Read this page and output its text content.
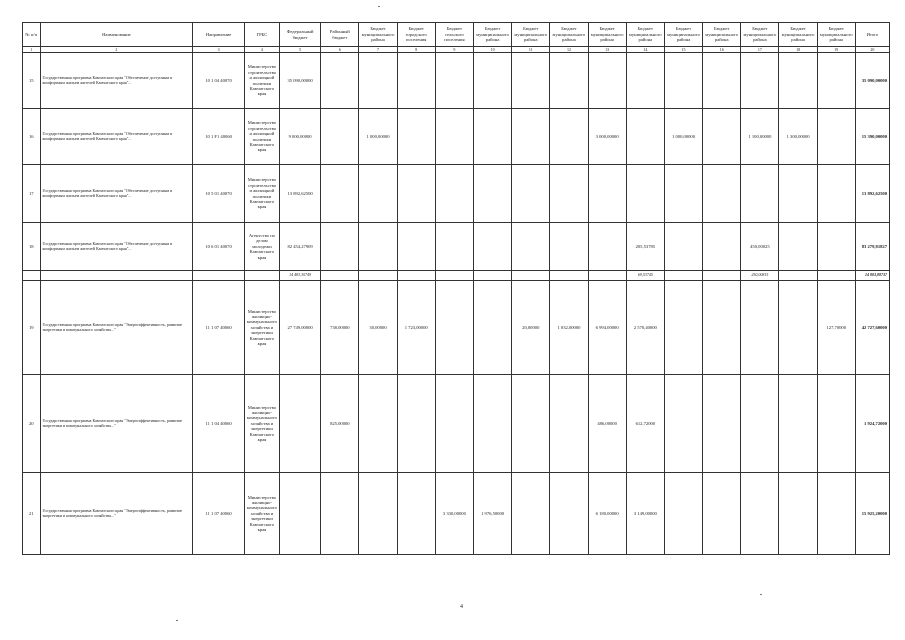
№ п/п	Наименование	Направление	ГРБС	Федеральный бюджет	Районный бюджет	Бюджет муниципального района	Бюджет городского поселения	Бюджет сельского поселения	Бюджет муниципального района	Бюджет муниципального района	Бюджет муниципального района	Бюджет муниципального района	Бюджет муниципального района	Бюджет муниципального района	Бюджет муниципального района	Бюджет муниципального района	Бюджет муниципального района	Бюджет муниципального района	Итого
1	2	3	4	5	6	7	8	9	10	11	12	13	14	15	16	17	18	19	20
15	Государственная программа Камчатского края "Обеспечение доступным и комфортным жильем жителей Камчатского края"...	10 1 04 40070	Министерство строительства и жилищной политики Камчатского края	35 090,00000															35 090,00000
16	Государственная программа Камчатского края "Обеспечение доступным и комфортным жильем жителей Камчатского края"...	10 1 F1 40060	Министерство строительства и жилищной политики Камчатского края	9 000,00000		1 000,00000						3 000,00000		1 000,00000		1 100,00000	1 300,00000		15 390,00000
17	Государственная программа Камчатского края "Обеспечение доступным и комфортным жильем жителей Камчатского края"...	10 5 01 40070	Министерство строительства и жилищной политики Камчатского края	13 892,62500															13 892,62500
18	Государственная программа Камчатского края "Обеспечение доступным и комфортным жильем жителей Камчатского края"...	10 6 01 40070	Агентство по делам молодежи Камчатского края	82 454,27909									205,53785			450,00025			83 279,81827
				14 483,30749									69,53745			250,00815			14 803,88737
19	Государственная программа Камчатского края "Энергоэффективность, развитие энергетики и коммунального хозяйства..."	11 1 07 40060	Министерство жилищно-коммунального хозяйства и энергетики Камчатского края	27 749,00000	738,00000	30,00000	1 723,00000			20,00000	1 032,00000	6 994,00000	2 570,40000					127,70000	42 727,60000
20	Государственная программа Камчатского края "Энергоэффективность, развитие энергетики и коммунального хозяйства..."	11 1 04 40060	Министерство жилищно-коммунального хозяйства и энергетики Камчатского края		825,00000							486,00000	612,72000						1 924,72000
21	Государственная программа Камчатского края "Энергоэффективность, развитие энергетики и коммунального хозяйства..."	11 1 07 40060	Министерство жилищно-коммунального хозяйства и энергетики Камчатского края					3 330,00000	1 976,50000			6 180,00000	3 149,00000						15 925,20000
4
